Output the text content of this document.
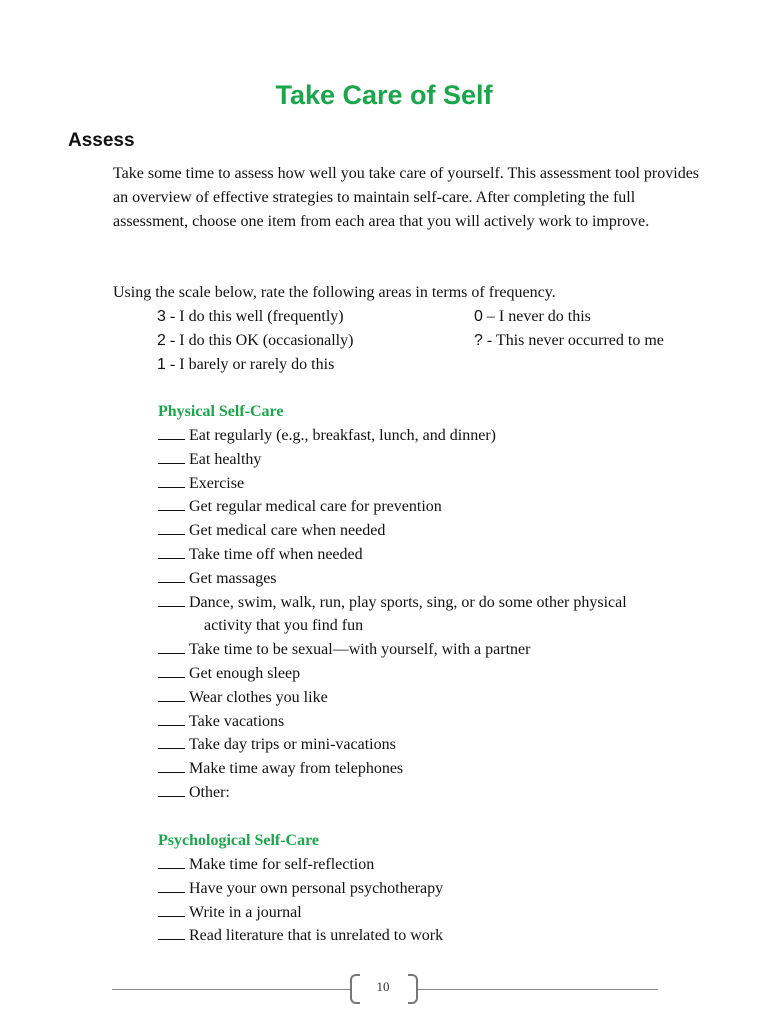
Take Care of Self
Assess

Take some time to assess how well you take care of yourself. This assessment tool provides an overview of effective strategies to maintain self-care. After completing the full assessment, choose one item from each area that you will actively work to improve.

Using the scale below, rate the following areas in terms of frequency.

3 - I do this well (frequently)
2 - I do this OK (occasionally)
1 - I barely or rarely do this
0 – I never do this
? - This never occurred to me
Physical Self-Care
Eat regularly (e.g., breakfast, lunch, and dinner)
Eat healthy
Exercise
Get regular medical care for prevention
Get medical care when needed
Take time off when needed
Get massages
Dance, swim, walk, run, play sports, sing, or do some other physical
activity that you find fun
Take time to be sexual—with yourself, with a partner
Get enough sleep
Wear clothes you like
Take vacations
Take day trips or mini-vacations
Make time away from telephones
Other:
Psychological Self-Care
Make time for self-reflection
Have your own personal psychotherapy
Write in a journal
Read literature that is unrelated to work
10
